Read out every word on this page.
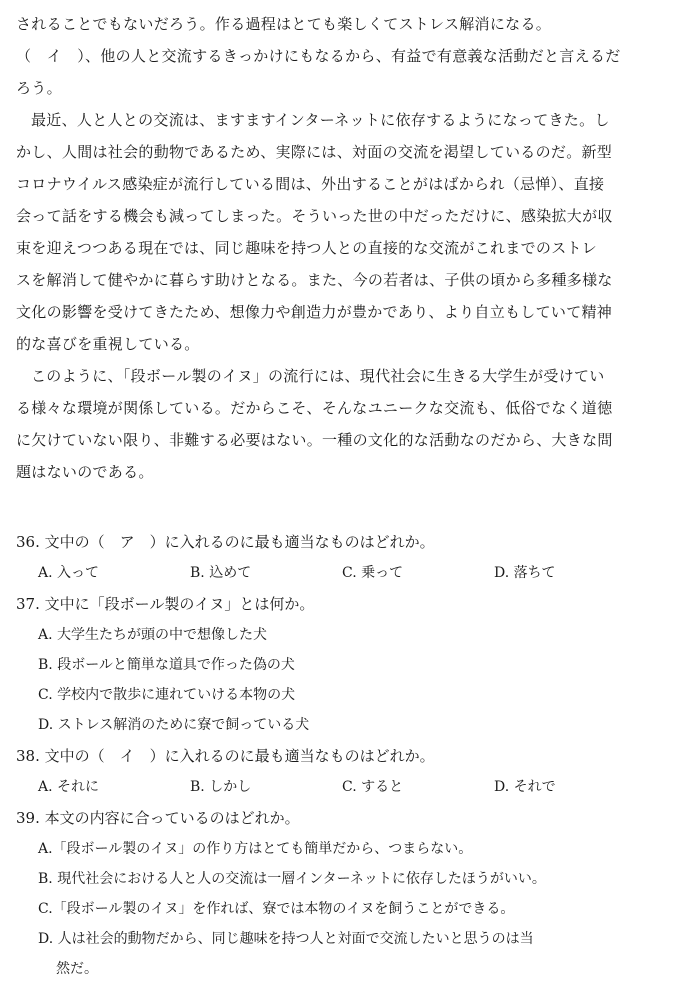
されることでもないだろう。作る過程はとても楽しくてストレス解消になる。
（　イ　）、他の人と交流するきっかけにもなるから、有益で有意義な活動だと言えるだ
ろう。
最近、人と人との交流は、ますますインターネットに依存するようになってきた。し
かし、人間は社会的動物であるため、実際には、対面の交流を渇望しているのだ。新型
コロナウイルス感染症が流行している間は、外出することがはばかられ（忌惮）、直接
会って話をする機会も減ってしまった。そういった世の中だっただけに、感染拡大が収
束を迎えつつある現在では、同じ趣味を持つ人との直接的な交流がこれまでのストレ
スを解消して健やかに暮らす助けとなる。また、今の若者は、子供の頃から多種多様な
文化の影響を受けてきたため、想像力や創造力が豊かであり、より自立もしていて精神
的な喜びを重視している。
このように、「段ボール製のイヌ」の流行には、現代社会に生きる大学生が受けてい
る様々な環境が関係している。だからこそ、そんなユニークな交流も、低俗でなく道徳
に欠けていない限り、非難する必要はない。一種の文化的な活動なのだから、大きな問
題はないのである。
36. 文中の（　ア　）に入れるのに最も適当なものはどれか。
A. 入って	B. 込めて	C. 乗って	D. 落ちて
37. 文中に「段ボール製のイヌ」とは何か。
A. 大学生たちが頭の中で想像した犬
B. 段ボールと簡単な道具で作った偽の犬
C. 学校内で散歩に連れていける本物の犬
D. ストレス解消のために寮で飼っている犬
38. 文中の（　イ　）に入れるのに最も適当なものはどれか。
A. それに	B. しかし	C. すると	D. それで
39. 本文の内容に合っているのはどれか。
A.「段ボール製のイヌ」の作り方はとても簡単だから、つまらない。
B. 現代社会における人と人の交流は一層インターネットに依存したほうがいい。
C.「段ボール製のイヌ」を作れば、寮では本物のイヌを飼うことができる。
D. 人は社会的動物だから、同じ趣味を持つ人と対面で交流したいと思うのは当
然だ。
